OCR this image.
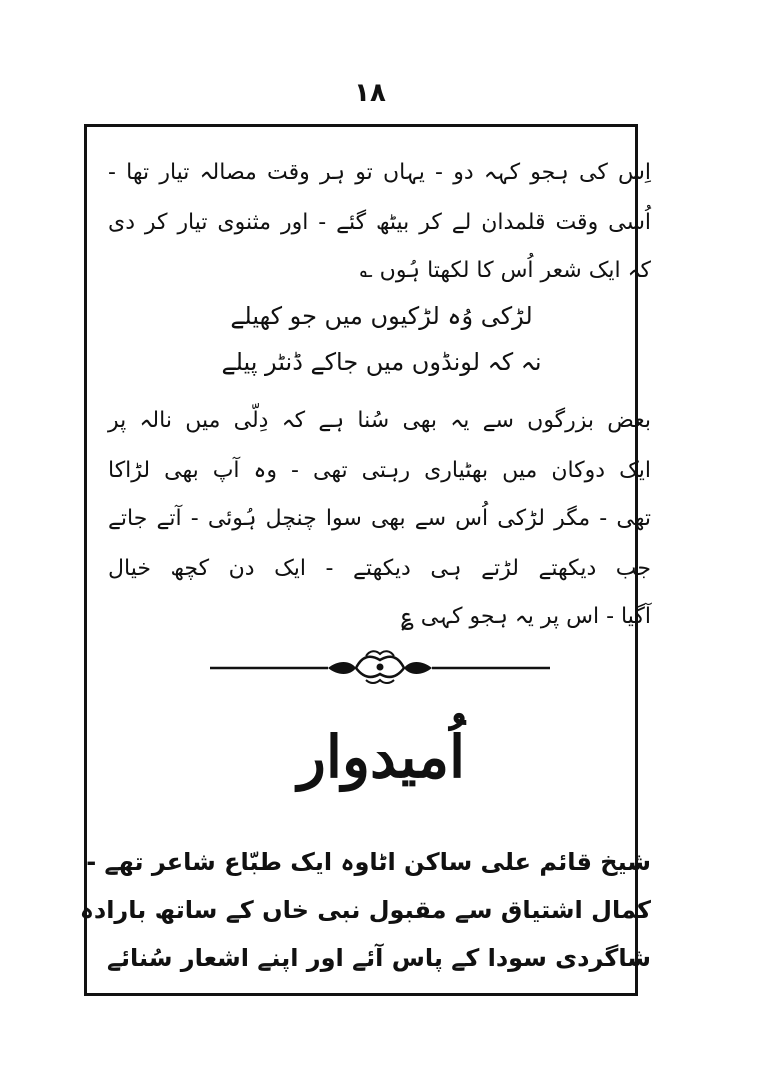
۱۸
اِس کی ہجو کہہ دو - یہاں تو ہر وقت مصالہ تیار تھا -
اُسی وقت قلمدان لے کر بیٹھ گئے - اور مثنوی تیار کر دی
کہ ایک شعر اُس کا لکھتا ہُوں ؎
لڑکی وُہ لڑکیوں میں جو کھیلے
نہ کہ لونڈوں میں جاکے ڈنٹر پیلے
بعض بزرگوں سے یہ بھی سُنا ہے کہ دِلّی میں نالہ پر
ایک دوکان میں بھٹیاری رہتی تھی - وہ آپ بھی لڑاکا
تھی - مگر لڑکی اُس سے بھی سوا چنچل ہُوئی - آتے جاتے
جب دیکھتے لڑتے ہی دیکھتے - ایک دن کچھ خیال
آگیا - اس پر یہ ہجو کہی ؏
اُمیدوار
شیخ قائم علی ساکن اٹاوہ ایک طبّاع شاعر تھے -
کمال اشتیاق سے مقبول نبی خاں کے ساتھ بارادہ
شاگردی سودا کے پاس آئے اور اپنے اشعار سُنائے
